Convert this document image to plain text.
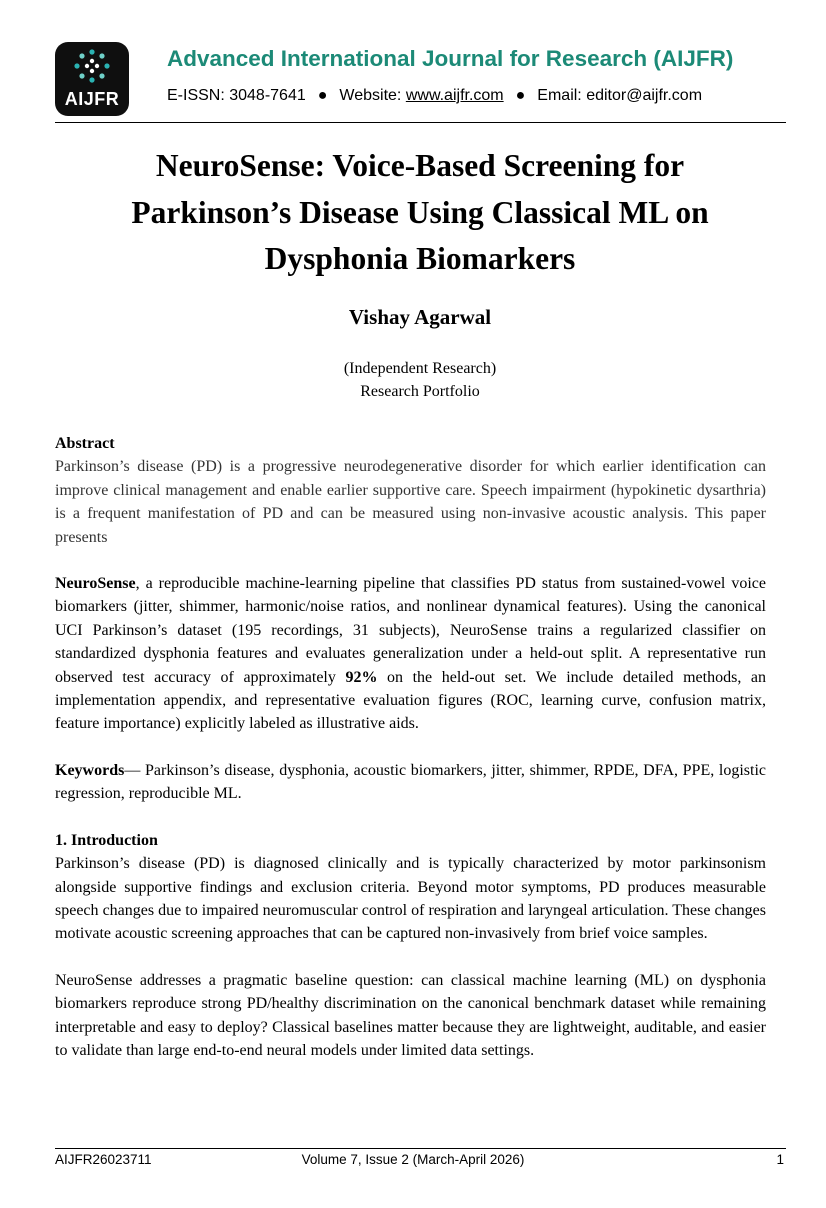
AIJFR
Advanced International Journal for Research (AIJFR)
E-ISSN: 3048-7641 ● Website: www.aijfr.com ● Email: editor@aijfr.com
NeuroSense: Voice-Based Screening for
Parkinson’s Disease Using Classical ML on
Dysphonia Biomarkers
Vishay Agarwal
(Independent Research)
Research Portfolio
Abstract

Parkinson’s disease (PD) is a progressive neurodegenerative disorder for which earlier identification can improve clinical management and enable earlier supportive care. Speech impairment (hypokinetic dysarthria) is a frequent manifestation of PD and can be measured using non-invasive acoustic analysis. This paper presents

NeuroSense, a reproducible machine-learning pipeline that classifies PD status from sustained-vowel voice biomarkers (jitter, shimmer, harmonic/noise ratios, and nonlinear dynamical features). Using the canonical UCI Parkinson’s dataset (195 recordings, 31 subjects), NeuroSense trains a regularized classifier on standardized dysphonia features and evaluates generalization under a held-out split. A representative run observed test accuracy of approximately 92% on the held-out set. We include detailed methods, an implementation appendix, and representative evaluation figures (ROC, learning curve, confusion matrix, feature importance) explicitly labeled as illustrative aids.

Keywords— Parkinson’s disease, dysphonia, acoustic biomarkers, jitter, shimmer, RPDE, DFA, PPE, logistic regression, reproducible ML.

1. Introduction

Parkinson’s disease (PD) is diagnosed clinically and is typically characterized by motor parkinsonism alongside supportive findings and exclusion criteria. Beyond motor symptoms, PD produces measurable speech changes due to impaired neuromuscular control of respiration and laryngeal articulation. These changes motivate acoustic screening approaches that can be captured non-invasively from brief voice samples.

NeuroSense addresses a pragmatic baseline question: can classical machine learning (ML) on dysphonia biomarkers reproduce strong PD/healthy discrimination on the canonical benchmark dataset while remaining interpretable and easy to deploy? Classical baselines matter because they are lightweight, auditable, and easier to validate than large end-to-end neural models under limited data settings.

AIJFR26023711	Volume 7, Issue 2 (March-April 2026)	1
